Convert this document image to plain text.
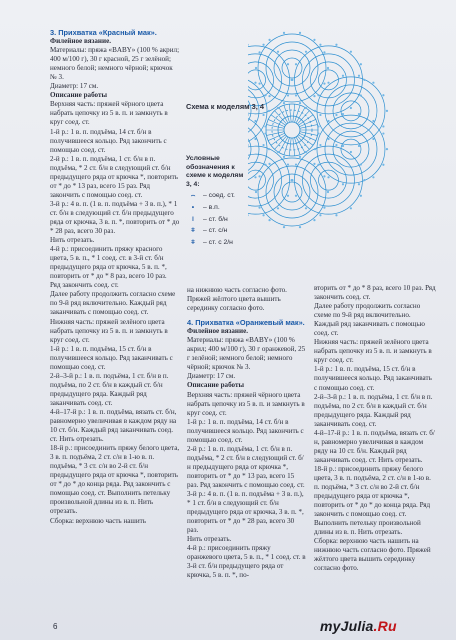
3. Прихватка «Красный мак».

Филейное вязание.

Материалы: пряжа «BABY» (100 % акрил; 400 м/100 г), 30 г красной, 25 г зелёной; немного белой; немного чёрной; крючок № 3.

Диаметр: 17 см.

Описание работы

Верхняя часть: пряжей чёрного цвета набрать цепочку из 5 в. п. и замкнуть в круг соед. ст.

1-й р.: 1 в. п. подъёма, 14 ст. б/н в получившееся кольцо. Ряд закончить с помощью соед. ст.

2-й р.: 1 в. п. подъёма, 1 ст. б/н в п. подъёма, * 2 ст. б/н в следующий ст. б/н предыдущего ряда от крючка *, повторить от * до * 13 раз, всего 15 раз. Ряд закончить с помощью соед. ст.

3-й р.: 4 в. п. (1 в. п. подъёма + 3 в. п.), * 1 ст. б/н в следующий ст. б/н предыдущего ряда от крючка, 3 в. п. *, повторить от * до * 28 раз, всего 30 раз.

Нить отрезать.

4-й р.: присоединить пряжу красного цвета, 5 в. п., * 1 соед. ст. в 3-й ст. б/н предыдущего ряда от крючка, 5 в. п. *, повторить от * до * 8 раз, всего 10 раз.

Ряд закончить соед. ст.

Далее работу продолжить согласно схеме по 9-й ряд включительно. Каждый ряд заканчивать с помощью соед. ст.

Нижняя часть: пряжей зелёного цвета набрать цепочку из 5 в. п. и замкнуть в круг соед. ст.

1-й р.: 1 в. п. подъёма, 15 ст. б/н в получившееся кольцо. Ряд заканчивать с помощью соед. ст.

2-й–3-й р.: 1 в. п. подъёма, 1 ст. б/н в п. подъёма, по 2 ст. б/н в каждый ст. б/н предыдущего ряда. Каждый ряд заканчивать соед. ст.

4-й–17-й р.: 1 в. п. подъёма, вязать ст. б/н, равномерно увеличивая в каждом ряду на 10 ст. б/н. Каждый ряд заканчивать соед. ст. Нить отрезать.

18-й р.: присоединить пряжу белого цвета, 3 в. п. подъёма, 2 ст. с/н в 1-ю в. п. подъёма, * 3 ст. с/н во 2-й ст. б/н предыдущего ряда от крючка *, повторить от * до * до конца ряда. Ряд закончить с помощью соед. ст. Выполнить петельку произвольной длины из в. п. Нить отрезать.

Сборка: верхнюю часть нашить

Схема к моделям 3, 4
Условные обозначения к схеме к моделям 3, 4:
⌢	– соед. ст.
•	– в.п.
ǀ	– ст. б/н
ǂ	– ст. с/н
ǂ	– ст. с 2/н

на нижнюю часть согласно фото. Пряжей жёлтого цвета вышить серединку согласно фото.

4. Прихватка «Оранжевый мак».

Филейное вязание.

Материалы: пряжа «BABY» (100 % акрил; 400 м/100 г), 30 г оранжевой, 25 г зелёной; немного белой; немного чёрной; крючок № 3.

Диаметр: 17 см.

Описание работы

Верхняя часть: пряжей чёрного цвета набрать цепочку из 5 в. п. и замкнуть в круг соед. ст.

1-й р.: 1 в. п. подъёма, 14 ст. б/н в получившееся кольцо. Ряд закончить с помощью соед. ст.

2-й р.: 1 в. п. подъёма, 1 ст. б/н в п. подъёма, * 2 ст. б/н в следующий ст. б/н предыдущего ряда от крючка *, повторить от * до * 13 раз, всего 15 раз. Ряд закончить с помощью соед. ст.

3-й р.: 4 в. п. (1 в. п. подъёма + 3 в. п.), * 1 ст. б/н в следующий ст. б/н предыдущего ряда от крючка, 3 в. п. *, повторить от * до * 28 раз, всего 30 раз.

Нить отрезать.

4-й р.: присоединить пряжу оранжевого цвета, 5 в. п., * 1 соед. ст. в 3-й ст. б/н предыдущего ряда от крючка, 5 в. п. *, по-

вторить от * до * 8 раз, всего 10 раз. Ряд закончить соед. ст.

Далее работу продолжить согласно схеме по 9-й ряд включительно. Каждый ряд заканчивать с помощью соед. ст.

Нижняя часть: пряжей зелёного цвета набрать цепочку из 5 в. п. и замкнуть в круг соед. ст.

1-й р.: 1 в. п. подъёма, 15 ст. б/н в получившееся кольцо. Ряд заканчивать с помощью соед. ст.

2-й–3-й р.: 1 в. п. подъёма, 1 ст. б/н в п. подъёма, по 2 ст. б/н в каждый ст. б/н предыдущего ряда. Каждый ряд заканчивать соед. ст.

4-й–17-й р.: 1 в. п. подъёма, вязать ст. б/н, равномерно увеличивая в каждом ряду на 10 ст. б/н. Каждый ряд заканчивать соед. ст. Нить отрезать.

18-й р.: присоединить пряжу белого цвета, 3 в. п. подъёма, 2 ст. с/н в 1-ю в. п. подъёма, * 3 ст. с/н во 2-й ст. б/н предыдущего ряда от крючка *, повторить от * до * до конца ряда. Ряд закончить с помощью соед. ст.

Выполнить петельку произвольной длины из в. п. Нить отрезать.

Сборка: верхнюю часть нашить на нижнюю часть согласно фото. Пряжей жёлтого цвета вышить серединку согласно фото.

6	myJulia.Ru
